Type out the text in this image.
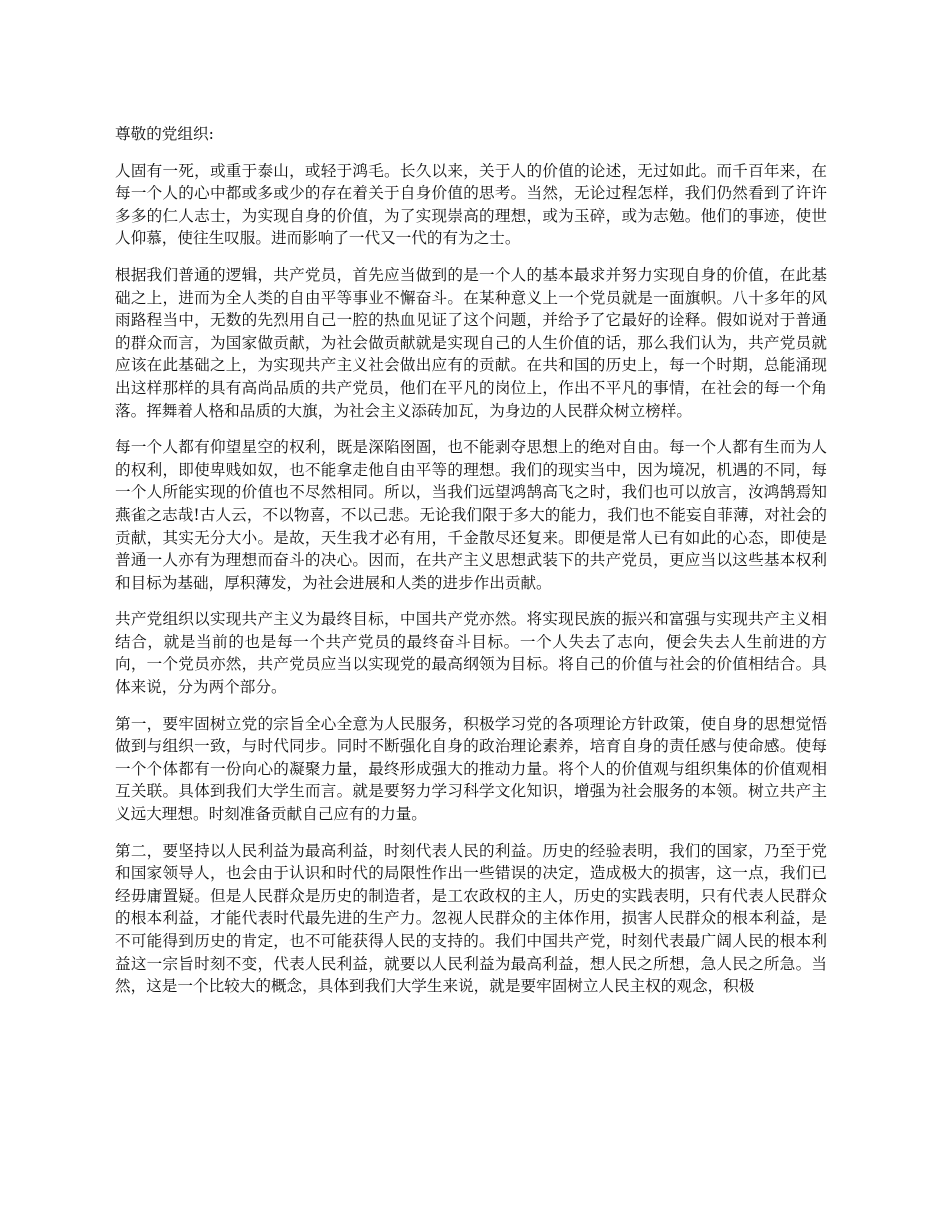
尊敬的党组织:

人固有一死，或重于泰山，或轻于鸿毛。长久以来，关于人的价值的论述，无过如此。而千百年来，在每一个人的心中都或多或少的存在着关于自身价值的思考。当然，无论过程怎样，我们仍然看到了许许多多的仁人志士，为实现自身的价值，为了实现崇高的理想，或为玉碎，或为志勉。他们的事迹，使世人仰慕，使往生叹服。进而影响了一代又一代的有为之士。

根据我们普通的逻辑，共产党员，首先应当做到的是一个人的基本最求并努力实现自身的价值，在此基础之上，进而为全人类的自由平等事业不懈奋斗。在某种意义上一个党员就是一面旗帜。八十多年的风雨路程当中，无数的先烈用自己一腔的热血见证了这个问题，并给予了它最好的诠释。假如说对于普通的群众而言，为国家做贡献，为社会做贡献就是实现自己的人生价值的话，那么我们认为，共产党员就应该在此基础之上，为实现共产主义社会做出应有的贡献。在共和国的历史上，每一个时期，总能涌现出这样那样的具有高尚品质的共产党员，他们在平凡的岗位上，作出不平凡的事情，在社会的每一个角落。挥舞着人格和品质的大旗，为社会主义添砖加瓦，为身边的人民群众树立榜样。

每一个人都有仰望星空的权利，既是深陷囹圄，也不能剥夺思想上的绝对自由。每一个人都有生而为人的权利，即使卑贱如奴，也不能拿走他自由平等的理想。我们的现实当中，因为境况，机遇的不同，每一个人所能实现的价值也不尽然相同。所以，当我们远望鸿鹄高飞之时，我们也可以放言，汝鸿鹄焉知燕雀之志哉!古人云，不以物喜，不以己悲。无论我们限于多大的能力，我们也不能妄自菲薄，对社会的贡献，其实无分大小。是故，天生我才必有用，千金散尽还复来。即便是常人已有如此的心态，即使是普通一人亦有为理想而奋斗的决心。因而，在共产主义思想武装下的共产党员，更应当以这些基本权利和目标为基础，厚积薄发，为社会进展和人类的进步作出贡献。

共产党组织以实现共产主义为最终目标，中国共产党亦然。将实现民族的振兴和富强与实现共产主义相结合，就是当前的也是每一个共产党员的最终奋斗目标。一个人失去了志向，便会失去人生前进的方向，一个党员亦然，共产党员应当以实现党的最高纲领为目标。将自己的价值与社会的价值相结合。具体来说，分为两个部分。

第一，要牢固树立党的宗旨全心全意为人民服务，积极学习党的各项理论方针政策，使自身的思想觉悟做到与组织一致，与时代同步。同时不断强化自身的政治理论素养，培育自身的责任感与使命感。使每一个个体都有一份向心的凝聚力量，最终形成强大的推动力量。将个人的价值观与组织集体的价值观相互关联。具体到我们大学生而言。就是要努力学习科学文化知识，增强为社会服务的本领。树立共产主义远大理想。时刻准备贡献自己应有的力量。

第二，要坚持以人民利益为最高利益，时刻代表人民的利益。历史的经验表明，我们的国家，乃至于党和国家领导人，也会由于认识和时代的局限性作出一些错误的决定，造成极大的损害，这一点，我们已经毋庸置疑。但是人民群众是历史的制造者，是工农政权的主人，历史的实践表明，只有代表人民群众的根本利益，才能代表时代最先进的生产力。忽视人民群众的主体作用，损害人民群众的根本利益，是不可能得到历史的肯定，也不可能获得人民的支持的。我们中国共产党，时刻代表最广阔人民的根本利益这一宗旨时刻不变，代表人民利益，就要以人民利益为最高利益，想人民之所想，急人民之所急。当然，这是一个比较大的概念，具体到我们大学生来说，就是要牢固树立人民主权的观念，积极
